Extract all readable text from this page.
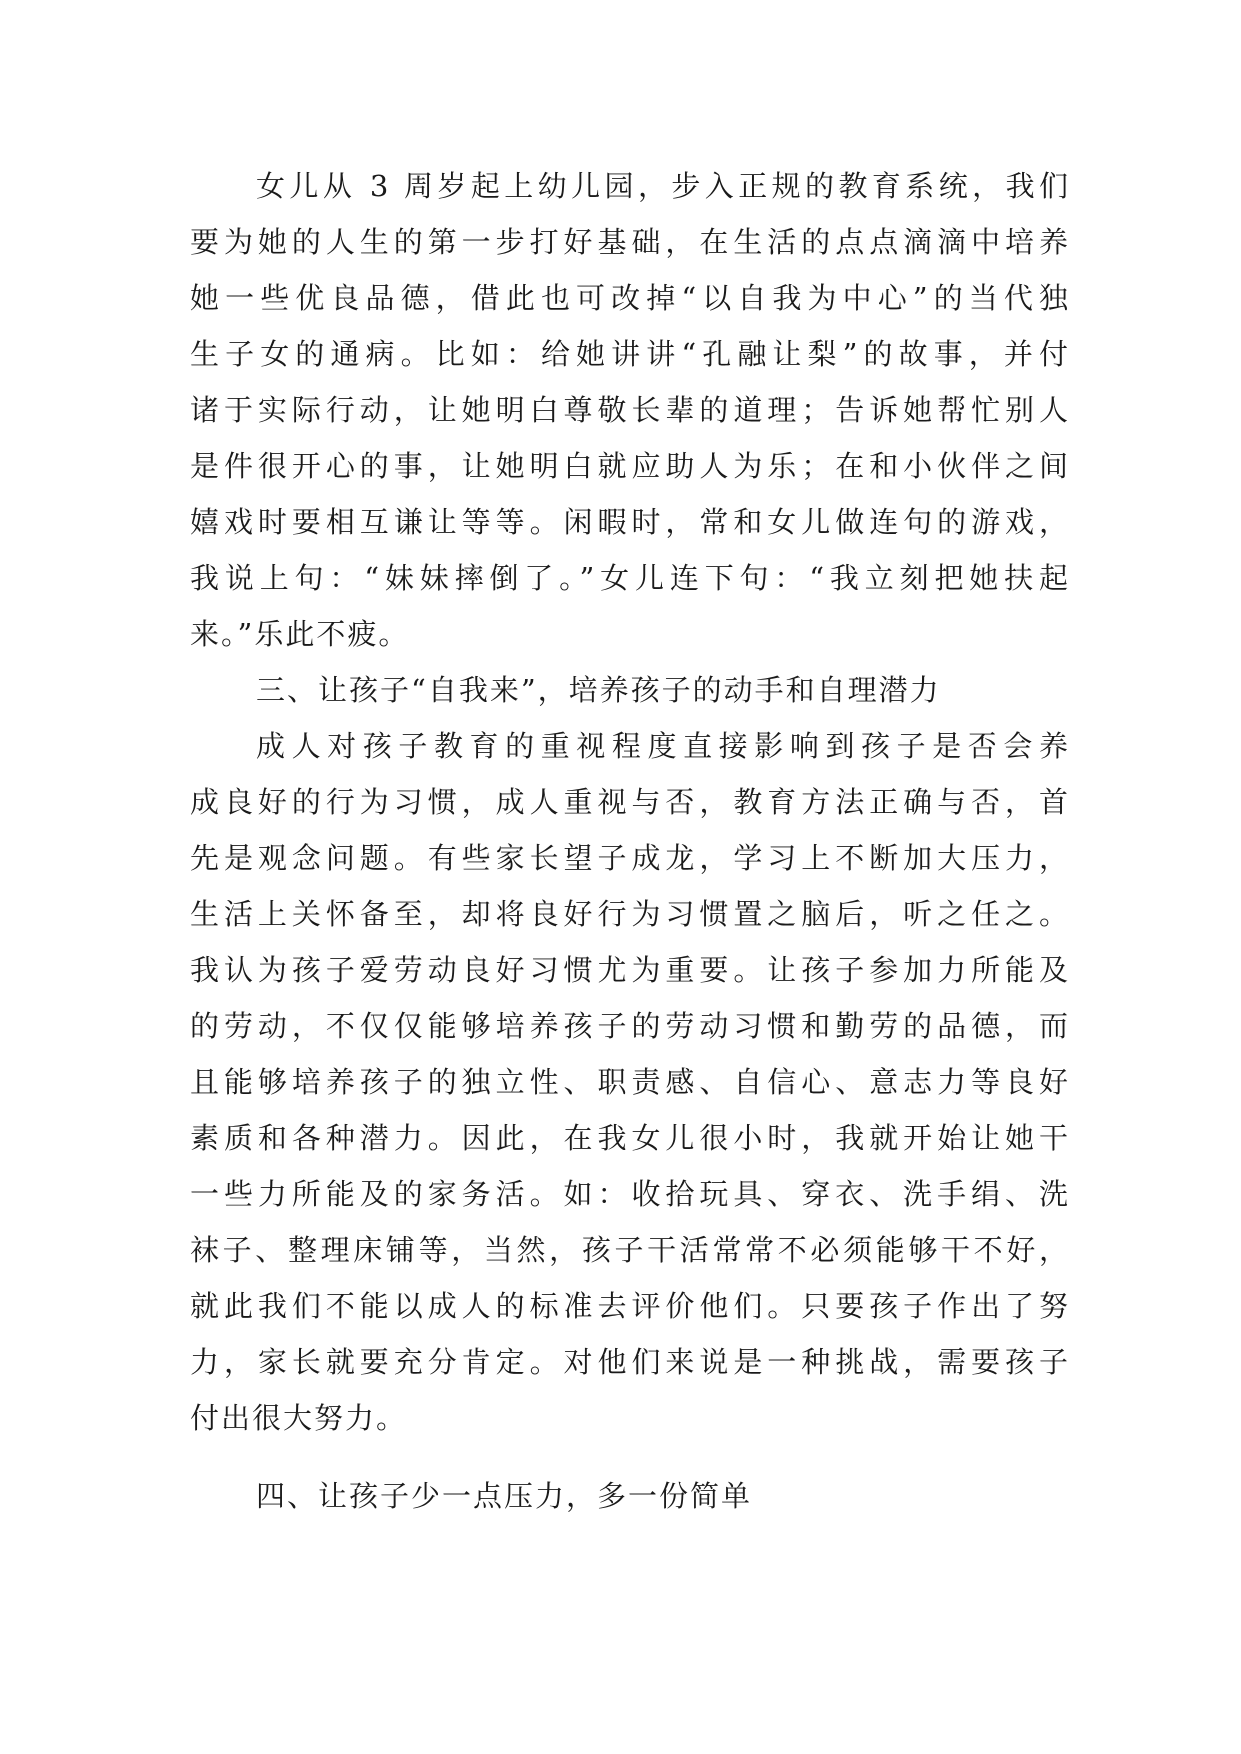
女儿从 3 周岁起上幼儿园，步入正规的教育系统，我们
要为她的人生的第一步打好基础，在生活的点点滴滴中培养
她一些优良品德，借此也可改掉“以自我为中心”的当代独
生子女的通病。比如：给她讲讲“孔融让梨”的故事，并付
诸于实际行动，让她明白尊敬长辈的道理；告诉她帮忙别人
是件很开心的事，让她明白就应助人为乐；在和小伙伴之间
嬉戏时要相互谦让等等。闲暇时，常和女儿做连句的游戏，
我说上句：“妹妹摔倒了。”女儿连下句：“我立刻把她扶起
来。”乐此不疲。
三、让孩子“自我来”，培养孩子的动手和自理潜力
成人对孩子教育的重视程度直接影响到孩子是否会养
成良好的行为习惯，成人重视与否，教育方法正确与否，首
先是观念问题。有些家长望子成龙，学习上不断加大压力，
生活上关怀备至，却将良好行为习惯置之脑后，听之任之。
我认为孩子爱劳动良好习惯尤为重要。让孩子参加力所能及
的劳动，不仅仅能够培养孩子的劳动习惯和勤劳的品德，而
且能够培养孩子的独立性、职责感、自信心、意志力等良好
素质和各种潜力。因此，在我女儿很小时，我就开始让她干
一些力所能及的家务活。如：收拾玩具、穿衣、洗手绢、洗
袜子、整理床铺等，当然，孩子干活常常不必须能够干不好，
就此我们不能以成人的标准去评价他们。只要孩子作出了努
力，家长就要充分肯定。对他们来说是一种挑战，需要孩子
付出很大努力。
四、让孩子少一点压力，多一份简单
